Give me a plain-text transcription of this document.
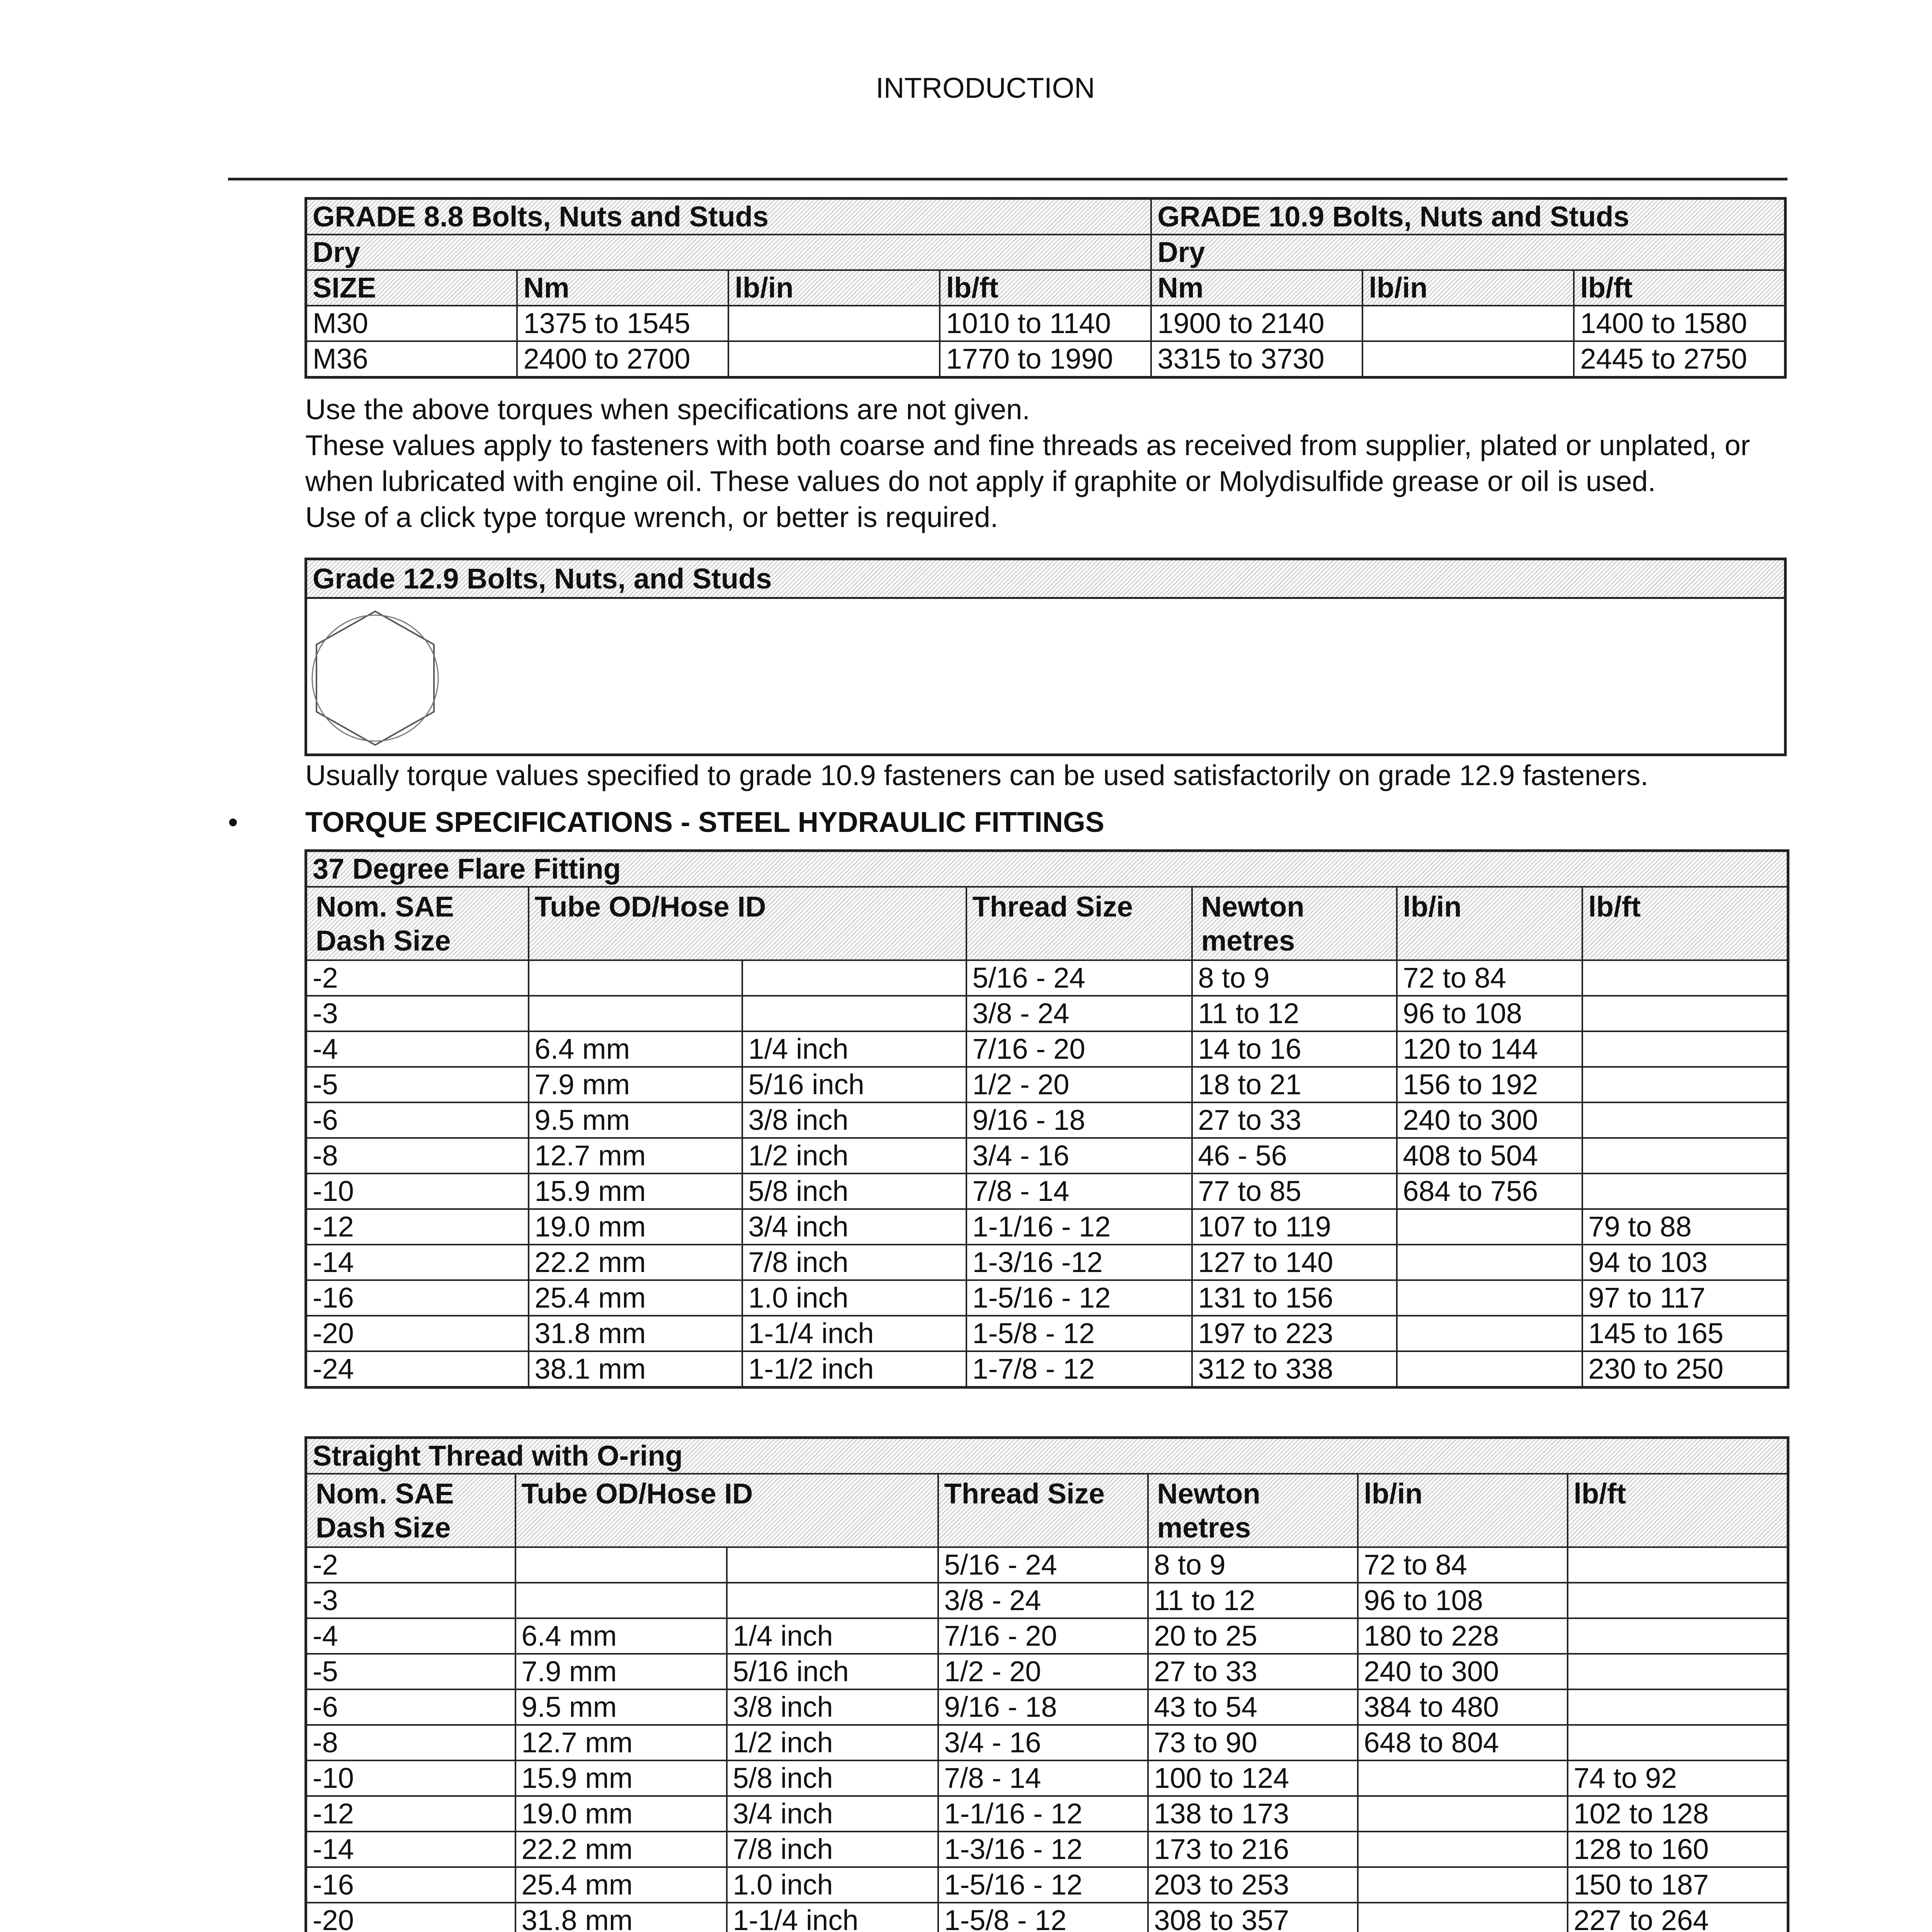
INTRODUCTION
GRADE 8.8 Bolts, Nuts and Studs				GRADE 10.9 Bolts, Nuts and Studs		
Dry				Dry		
SIZE	Nm	lb/in	lb/ft	Nm	lb/in	lb/ft
M30	1375 to 1545		1010 to 1140	1900 to 2140		1400 to 1580
M36	2400 to 2700		1770 to 1990	3315 to 3730		2445 to 2750
Use the above torques when specifications are not given.
These values apply to fasteners with both coarse and fine threads as received from supplier, plated or unplated, or when lubricated with engine oil. These values do not apply if graphite or Molydisulfide grease or oil is used.
Use of a click type torque wrench, or better is required.
Grade 12.9 Bolts, Nuts, and Studs
Usually torque values specified to grade 10.9 fasteners can be used satisfactorily on grade 12.9 fasteners.
• TORQUE SPECIFICATIONS - STEEL HYDRAULIC FITTINGS
37 Degree Flare Fitting						
Nom. SAE Dash Size	Tube OD/Hose ID		Thread Size	Newton metres	lb/in	lb/ft
-2			5/16 - 24	8 to 9	72 to 84	
-3			3/8 - 24	11 to 12	96 to 108	
-4	6.4 mm	1/4 inch	7/16 - 20	14 to 16	120 to 144	
-5	7.9 mm	5/16 inch	1/2 - 20	18 to 21	156 to 192	
-6	9.5 mm	3/8 inch	9/16 - 18	27 to 33	240 to 300	
-8	12.7 mm	1/2 inch	3/4 - 16	46 - 56	408 to 504	
-10	15.9 mm	5/8 inch	7/8 - 14	77 to 85	684 to 756	
-12	19.0 mm	3/4 inch	1-1/16 - 12	107 to 119		79 to 88
-14	22.2 mm	7/8 inch	1-3/16 -12	127 to 140		94 to 103
-16	25.4 mm	1.0 inch	1-5/16 - 12	131 to 156		97 to 117
-20	31.8 mm	1-1/4 inch	1-5/8 - 12	197 to 223		145 to 165
-24	38.1 mm	1-1/2 inch	1-7/8 - 12	312 to 338		230 to 250
Straight Thread with O-ring						
Nom. SAE Dash Size	Tube OD/Hose ID		Thread Size	Newton metres	lb/in	lb/ft
-2			5/16 - 24	8 to 9	72 to 84	
-3			3/8 - 24	11 to 12	96 to 108	
-4	6.4 mm	1/4 inch	7/16 - 20	20 to 25	180 to 228	
-5	7.9 mm	5/16 inch	1/2 - 20	27 to 33	240 to 300	
-6	9.5 mm	3/8 inch	9/16 - 18	43 to 54	384 to 480	
-8	12.7 mm	1/2 inch	3/4 - 16	73 to 90	648 to 804	
-10	15.9 mm	5/8 inch	7/8 - 14	100 to 124		74 to 92
-12	19.0 mm	3/4 inch	1-1/16 - 12	138 to 173		102 to 128
-14	22.2 mm	7/8 inch	1-3/16 - 12	173 to 216		128 to 160
-16	25.4 mm	1.0 inch	1-5/16 - 12	203 to 253		150 to 187
-20	31.8 mm	1-1/4 inch	1-5/8 - 12	308 to 357		227 to 264
